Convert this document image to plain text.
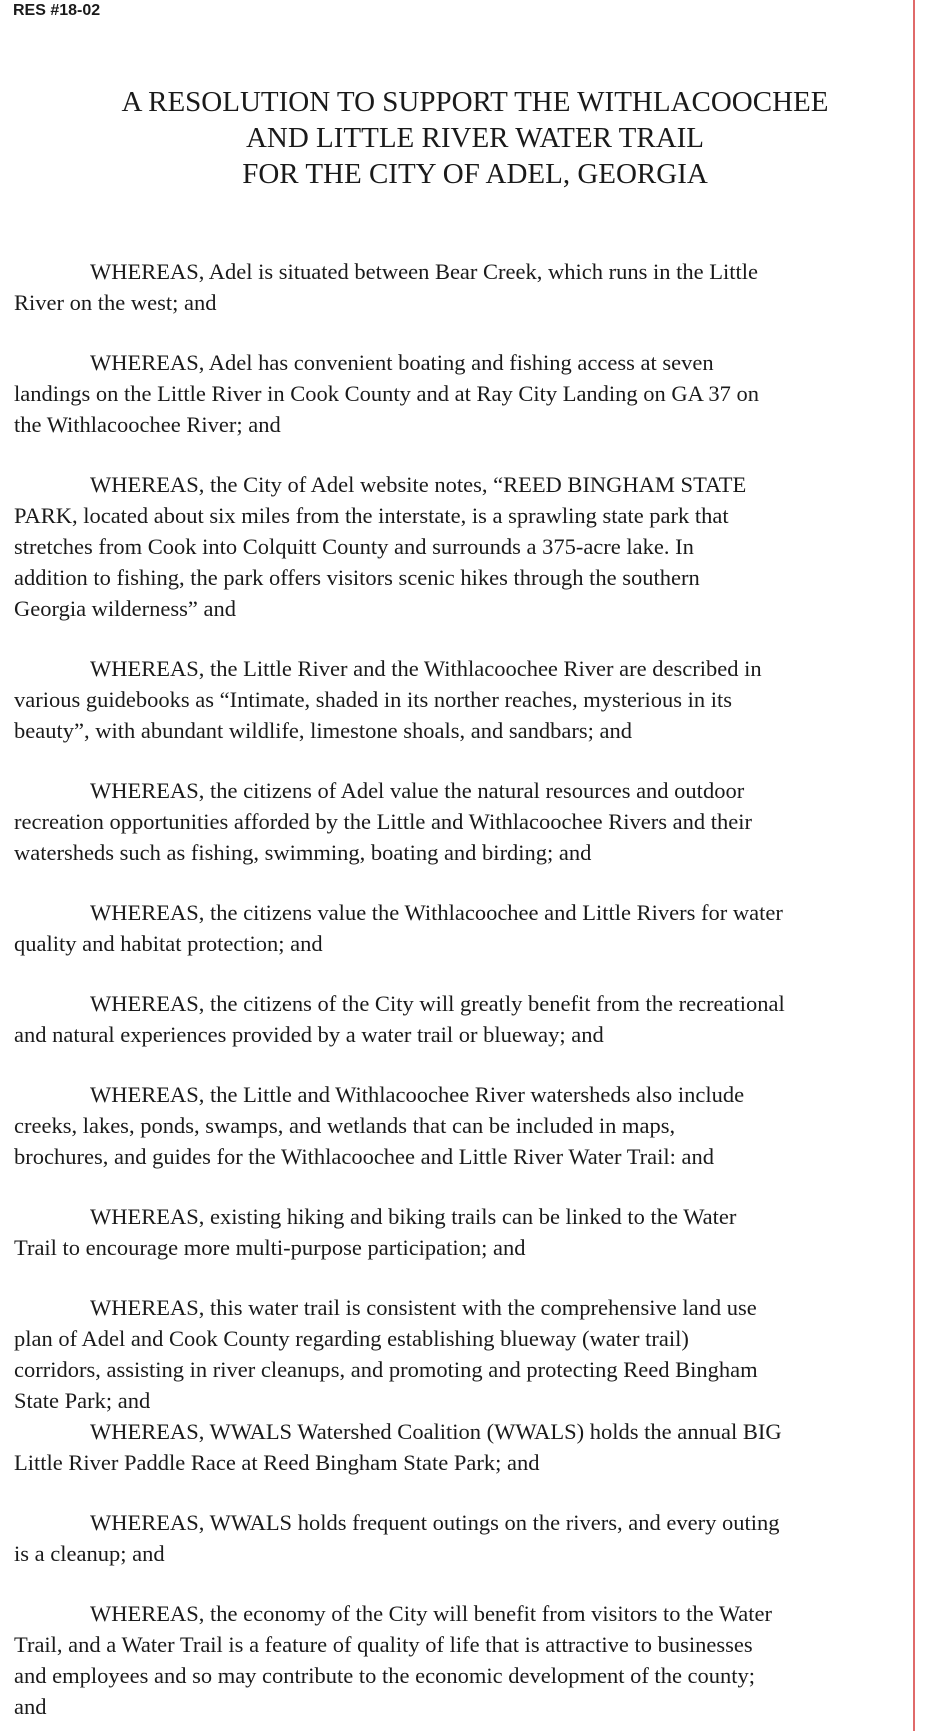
RES #18-02
A RESOLUTION TO SUPPORT THE WITHLACOOCHEE
AND LITTLE RIVER WATER TRAIL
FOR THE CITY OF ADEL, GEORGIA
WHEREAS, Adel is situated between Bear Creek, which runs in the Little
River on the west; and
WHEREAS, Adel has convenient boating and fishing access at seven
landings on the Little River in Cook County and at Ray City Landing on GA 37 on
the Withlacoochee River; and
WHEREAS, the City of Adel website notes, “REED BINGHAM STATE
PARK, located about six miles from the interstate, is a sprawling state park that
stretches from Cook into Colquitt County and surrounds a 375-acre lake. In
addition to fishing, the park offers visitors scenic hikes through the southern
Georgia wilderness” and
WHEREAS, the Little River and the Withlacoochee River are described in
various guidebooks as “Intimate, shaded in its norther reaches, mysterious in its
beauty”, with abundant wildlife, limestone shoals, and sandbars; and
WHEREAS, the citizens of Adel value the natural resources and outdoor
recreation opportunities afforded by the Little and Withlacoochee Rivers and their
watersheds such as fishing, swimming, boating and birding; and
WHEREAS, the citizens value the Withlacoochee and Little Rivers for water
quality and habitat protection; and
WHEREAS, the citizens of the City will greatly benefit from the recreational
and natural experiences provided by a water trail or blueway; and
WHEREAS, the Little and Withlacoochee River watersheds also include
creeks, lakes, ponds, swamps, and wetlands that can be included in maps,
brochures, and guides for the Withlacoochee and Little River Water Trail: and
WHEREAS, existing hiking and biking trails can be linked to the Water
Trail to encourage more multi-purpose participation; and
WHEREAS, this water trail is consistent with the comprehensive land use
plan of Adel and Cook County regarding establishing blueway (water trail)
corridors, assisting in river cleanups, and promoting and protecting Reed Bingham
State Park; and
WHEREAS, WWALS Watershed Coalition (WWALS) holds the annual BIG
Little River Paddle Race at Reed Bingham State Park; and
WHEREAS, WWALS holds frequent outings on the rivers, and every outing
is a cleanup; and
WHEREAS, the economy of the City will benefit from visitors to the Water
Trail, and a Water Trail is a feature of quality of life that is attractive to businesses
and employees and so may contribute to the economic development of the county;
and
